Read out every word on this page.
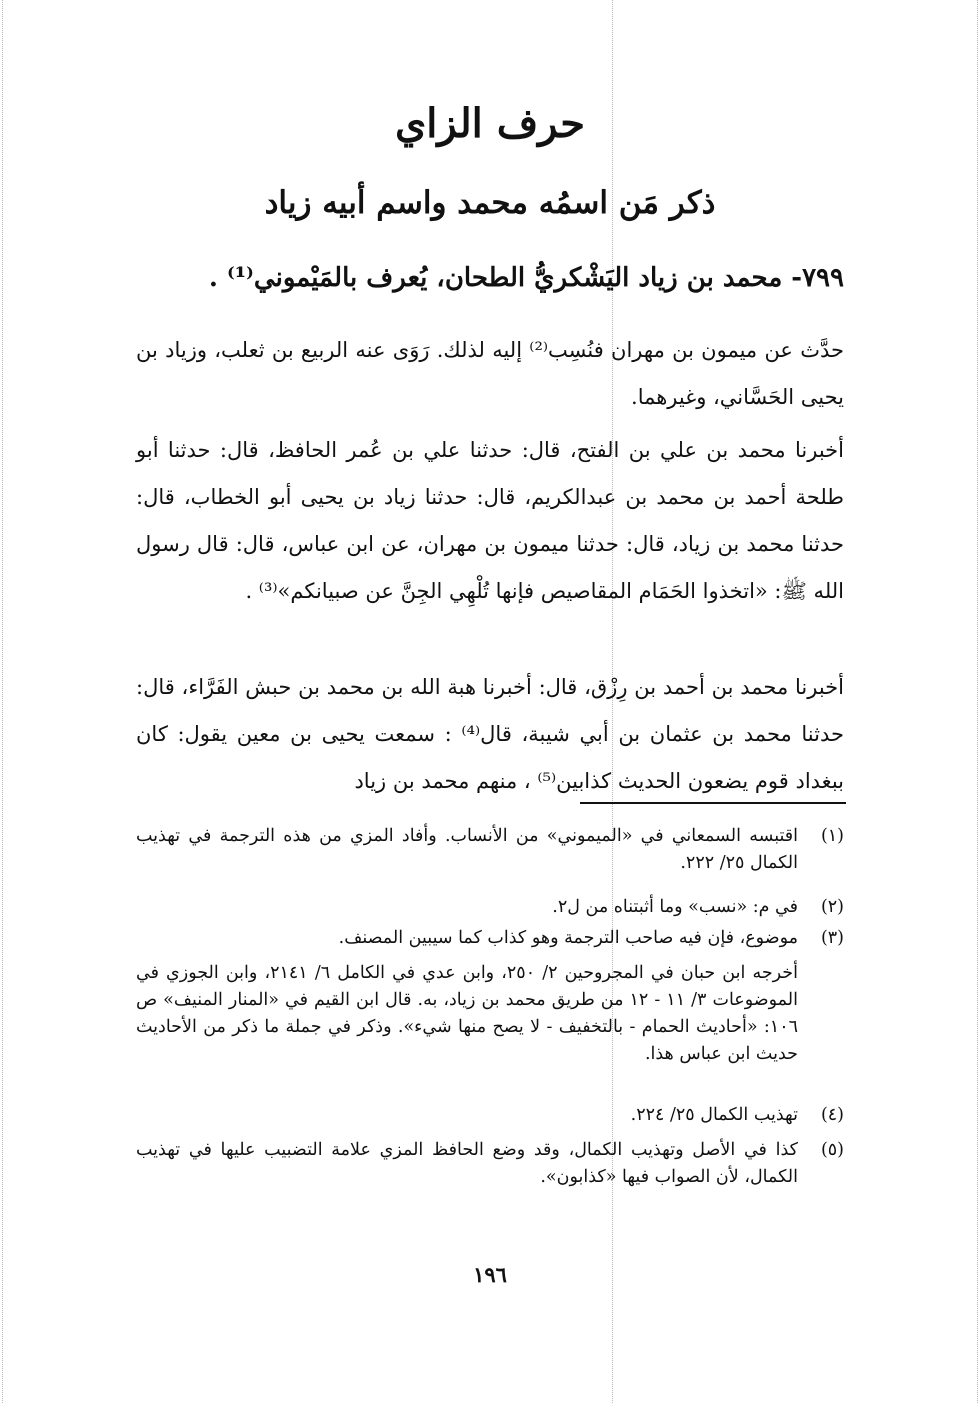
حرف الزاي
ذكر مَن اسمُه محمد واسم أبيه زياد
٧٩٩- محمد بن زياد اليَشْكريُّ الطحان، يُعرف بالمَيْموني⁽¹⁾ .
حدَّث عن ميمون بن مهران فنُسِب⁽²⁾ إليه لذلك. رَوَى عنه الربيع بن ثعلب، وزياد بن يحيى الحَسَّاني، وغيرهما.
أخبرنا محمد بن علي بن الفتح، قال: حدثنا علي بن عُمر الحافظ، قال: حدثنا أبو طلحة أحمد بن محمد بن عبدالكريم، قال: حدثنا زياد بن يحيى أبو الخطاب، قال: حدثنا محمد بن زياد، قال: حدثنا ميمون بن مهران، عن ابن عباس، قال: قال رسول الله ﷺ: «اتخذوا الحَمَام المقاصيص فإنها تُلْهِي الجِنَّ عن صبيانكم»⁽³⁾ .
أخبرنا محمد بن أحمد بن رِزْق، قال: أخبرنا هبة الله بن محمد بن حبش الفَرَّاء، قال: حدثنا محمد بن عثمان بن أبي شيبة، قال⁽⁴⁾ : سمعت يحيى بن معين يقول: كان ببغداد قوم يضعون الحديث كذابين⁽⁵⁾ ، منهم محمد بن زياد
(١)
اقتبسه السمعاني في «الميموني» من الأنساب. وأفاد المزي من هذه الترجمة في تهذيب الكمال ٢٥/ ٢٢٢.
(٢)
في م: «نسب» وما أثبتناه من ل٢.
(٣)
موضوع، فإن فيه صاحب الترجمة وهو كذاب كما سيبين المصنف.
أخرجه ابن حبان في المجروحين ٢/ ٢٥٠، وابن عدي في الكامل ٦/ ٢١٤١، وابن الجوزي في الموضوعات ٣/ ١١ - ١٢ من طريق محمد بن زياد، به. قال ابن القيم في «المنار المنيف» ص ١٠٦: «أحاديث الحمام - بالتخفيف - لا يصح منها شيء». وذكر في جملة ما ذكر من الأحاديث حديث ابن عباس هذا.
(٤)
تهذيب الكمال ٢٥/ ٢٢٤.
(٥)
كذا في الأصل وتهذيب الكمال، وقد وضع الحافظ المزي علامة التضبيب عليها في تهذيب الكمال، لأن الصواب فيها «كذابون».
١٩٦
